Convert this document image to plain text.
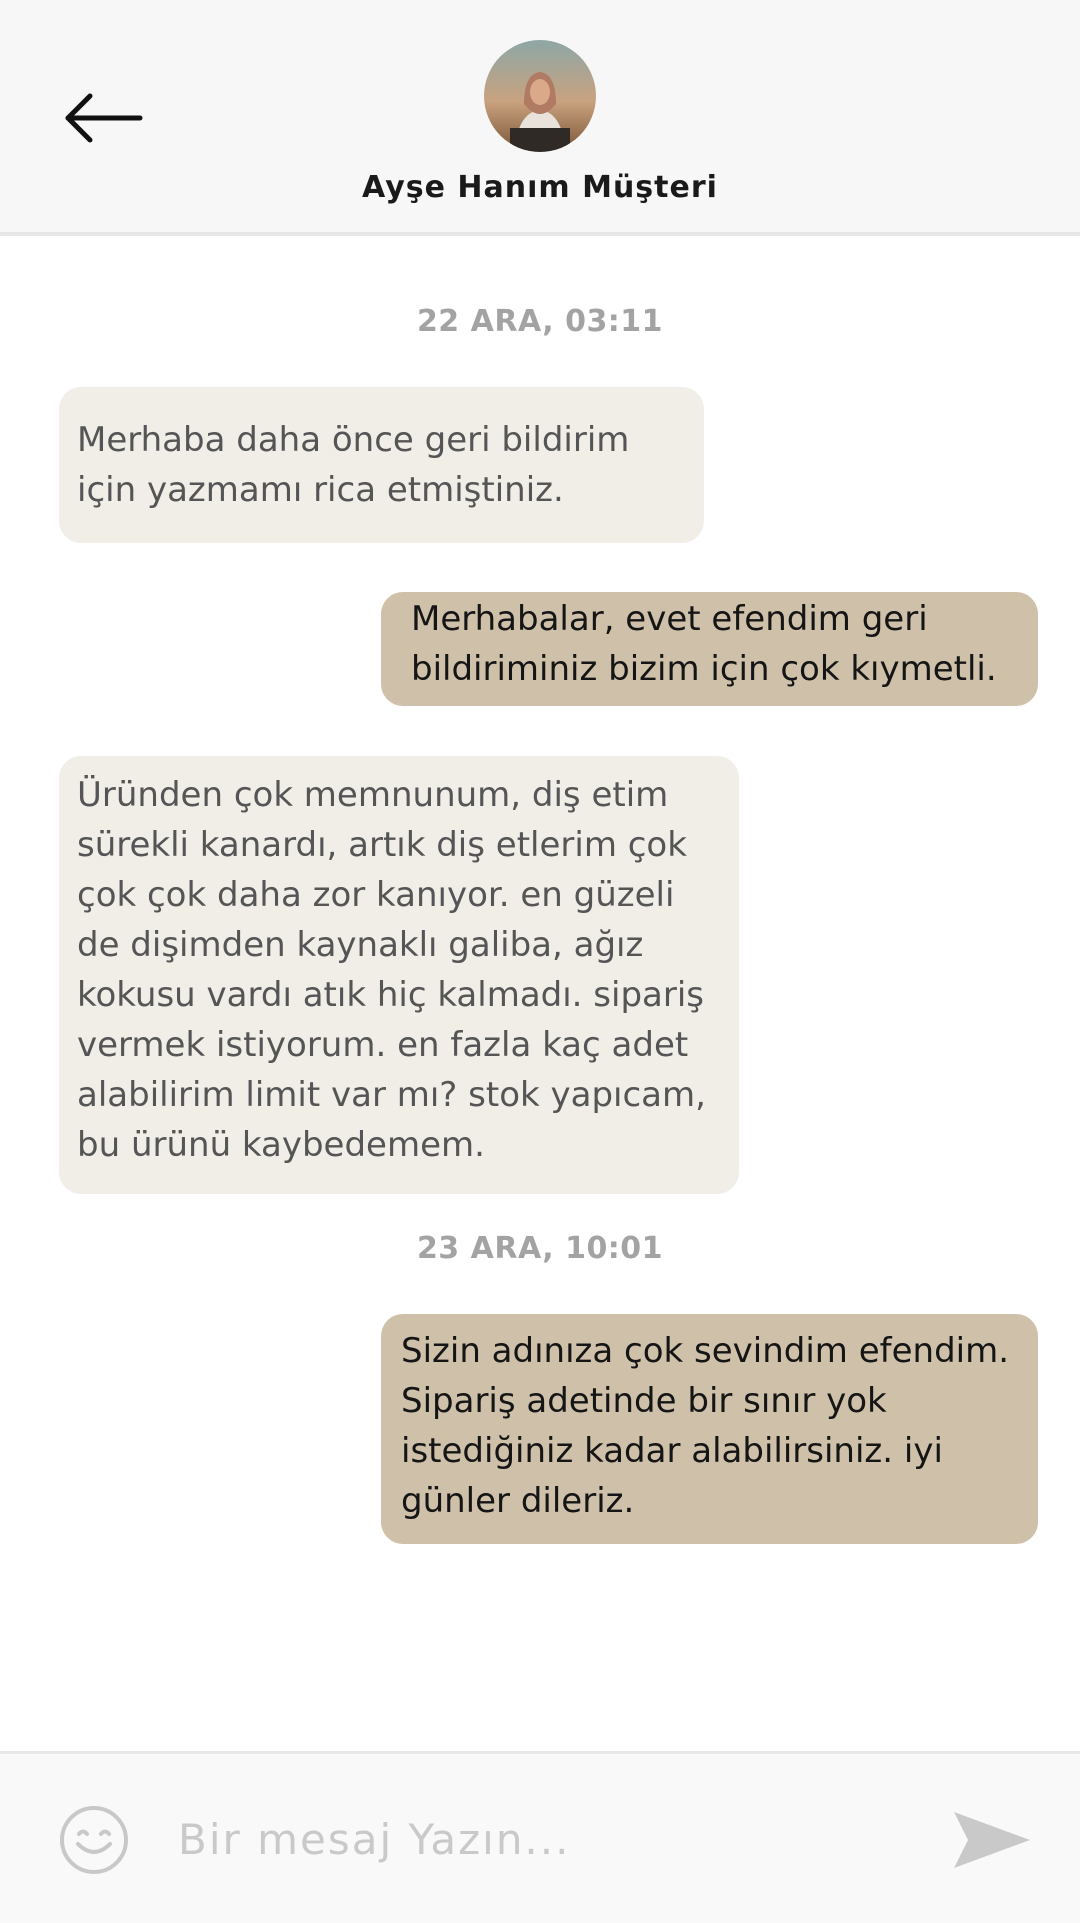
Ayşe Hanım Müşteri
22 ARA, 03:11
Merhaba daha önce geri bildirim için yazmamı rica etmiştiniz.
Merhabalar, evet efendim geri bildiriminiz bizim için çok kıymetli.
Üründen çok memnunum, diş etim sürekli kanardı, artık diş etlerim çok çok çok daha zor kanıyor. en güzeli de dişimden kaynaklı galiba, ağız kokusu vardı atık hiç kalmadı. sipariş vermek istiyorum. en fazla kaç adet alabilirim limit var mı? stok yapıcam, bu ürünü kaybedemem.
23 ARA, 10:01
Sizin adınıza çok sevindim efendim. Sipariş adetinde bir sınır yok istediğiniz kadar alabilirsiniz. iyi günler dileriz.
Bir mesaj Yazın...
